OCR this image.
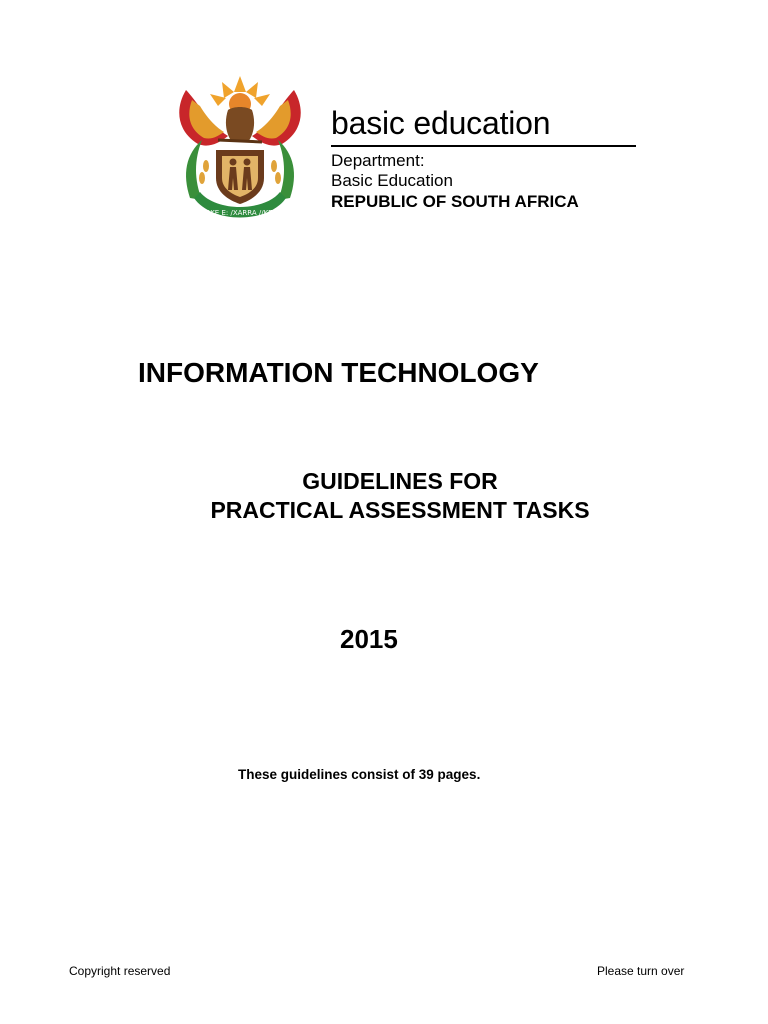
!KE E: /XARRA //KE
basic education
Department:
Basic Education
REPUBLIC OF SOUTH AFRICA
INFORMATION TECHNOLOGY
GUIDELINES FOR
PRACTICAL ASSESSMENT TASKS
2015
These guidelines consist of 39 pages.
Copyright reserved	Please turn over
